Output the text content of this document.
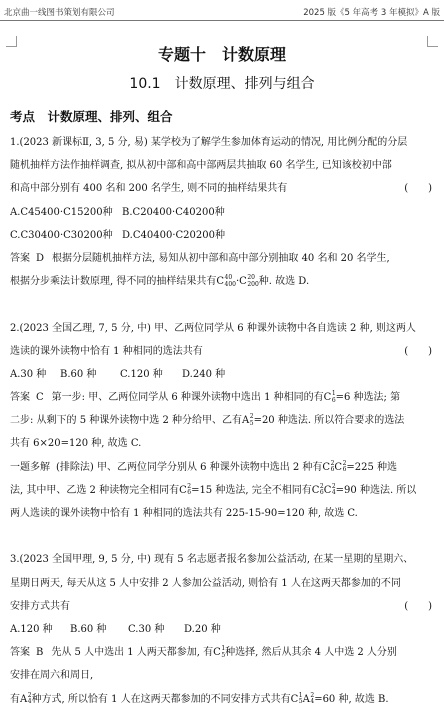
北京曲一线图书策划有限公司	2025 版《5 年高考 3 年模拟》A 版
专题十　计数原理
10.1　计数原理、排列与组合
考点　计数原理、排列、组合
1.(2023 新课标Ⅱ, 3, 5 分, 易) 某学校为了解学生参加体育运动的情况, 用比例分配的分层
随机抽样方法作抽样调查, 拟从初中部和高中部两层共抽取 60 名学生, 已知该校初中部
和高中部分别有 400 名和 200 名学生, 则不同的抽样结果共有	(　　)
A.C45400·C15200种 B.C20400·C40200种
C.C30400·C30200种 D.C40400·C20200种
答案 D 根据分层随机抽样方法, 易知从初中部和高中部分别抽取 40 名和 20 名学生,
根据分步乘法计数原理, 得不同的抽样结果共有C 40
400 ·C 20
200 种. 故选 D.
2.(2023 全国乙理, 7, 5 分, 中) 甲、乙两位同学从 6 种课外读物中各自选读 2 种, 则这两人
选读的课外读物中恰有 1 种相同的选法共有	(　　)
A.30 种 B.60 种 C.120 种 D.240 种
答案 C 第一步: 甲、乙两位同学从 6 种课外读物中选出 1 种相同的有C 1
6 =6 种选法; 第
二步: 从剩下的 5 种课外读物中选 2 种分给甲、乙有A 2
5 =20 种选法. 所以符合要求的选法
共有 6×20=120 种, 故选 C.
一题多解 (排除法) 甲、乙两位同学分别从 6 种课外读物中选出 2 种有C 2
6 C 2
6 =225 种选
法, 其中甲、乙选 2 种读物完全相同有C 2
6 =15 种选法, 完全不相同有C 2
6 C 2
4 =90 种选法. 所以
两人选读的课外读物中恰有 1 种相同的选法共有 225-15-90=120 种, 故选 C.
3.(2023 全国甲理, 9, 5 分, 中) 现有 5 名志愿者报名参加公益活动, 在某一星期的星期六、
星期日两天, 每天从这 5 人中安排 2 人参加公益活动, 则恰有 1 人在这两天都参加的不同
安排方式共有	(　　)
A.120 种 B.60 种 C.30 种 D.20 种
答案 B 先从 5 人中选出 1 人两天都参加, 有C 1
5 种选择, 然后从其余 4 人中选 2 人分别
安排在周六和周日,
有A 2
4 种方式, 所以恰有 1 人在这两天都参加的不同安排方式共有C 1
5 A 2
4 =60 种, 故选 B.
